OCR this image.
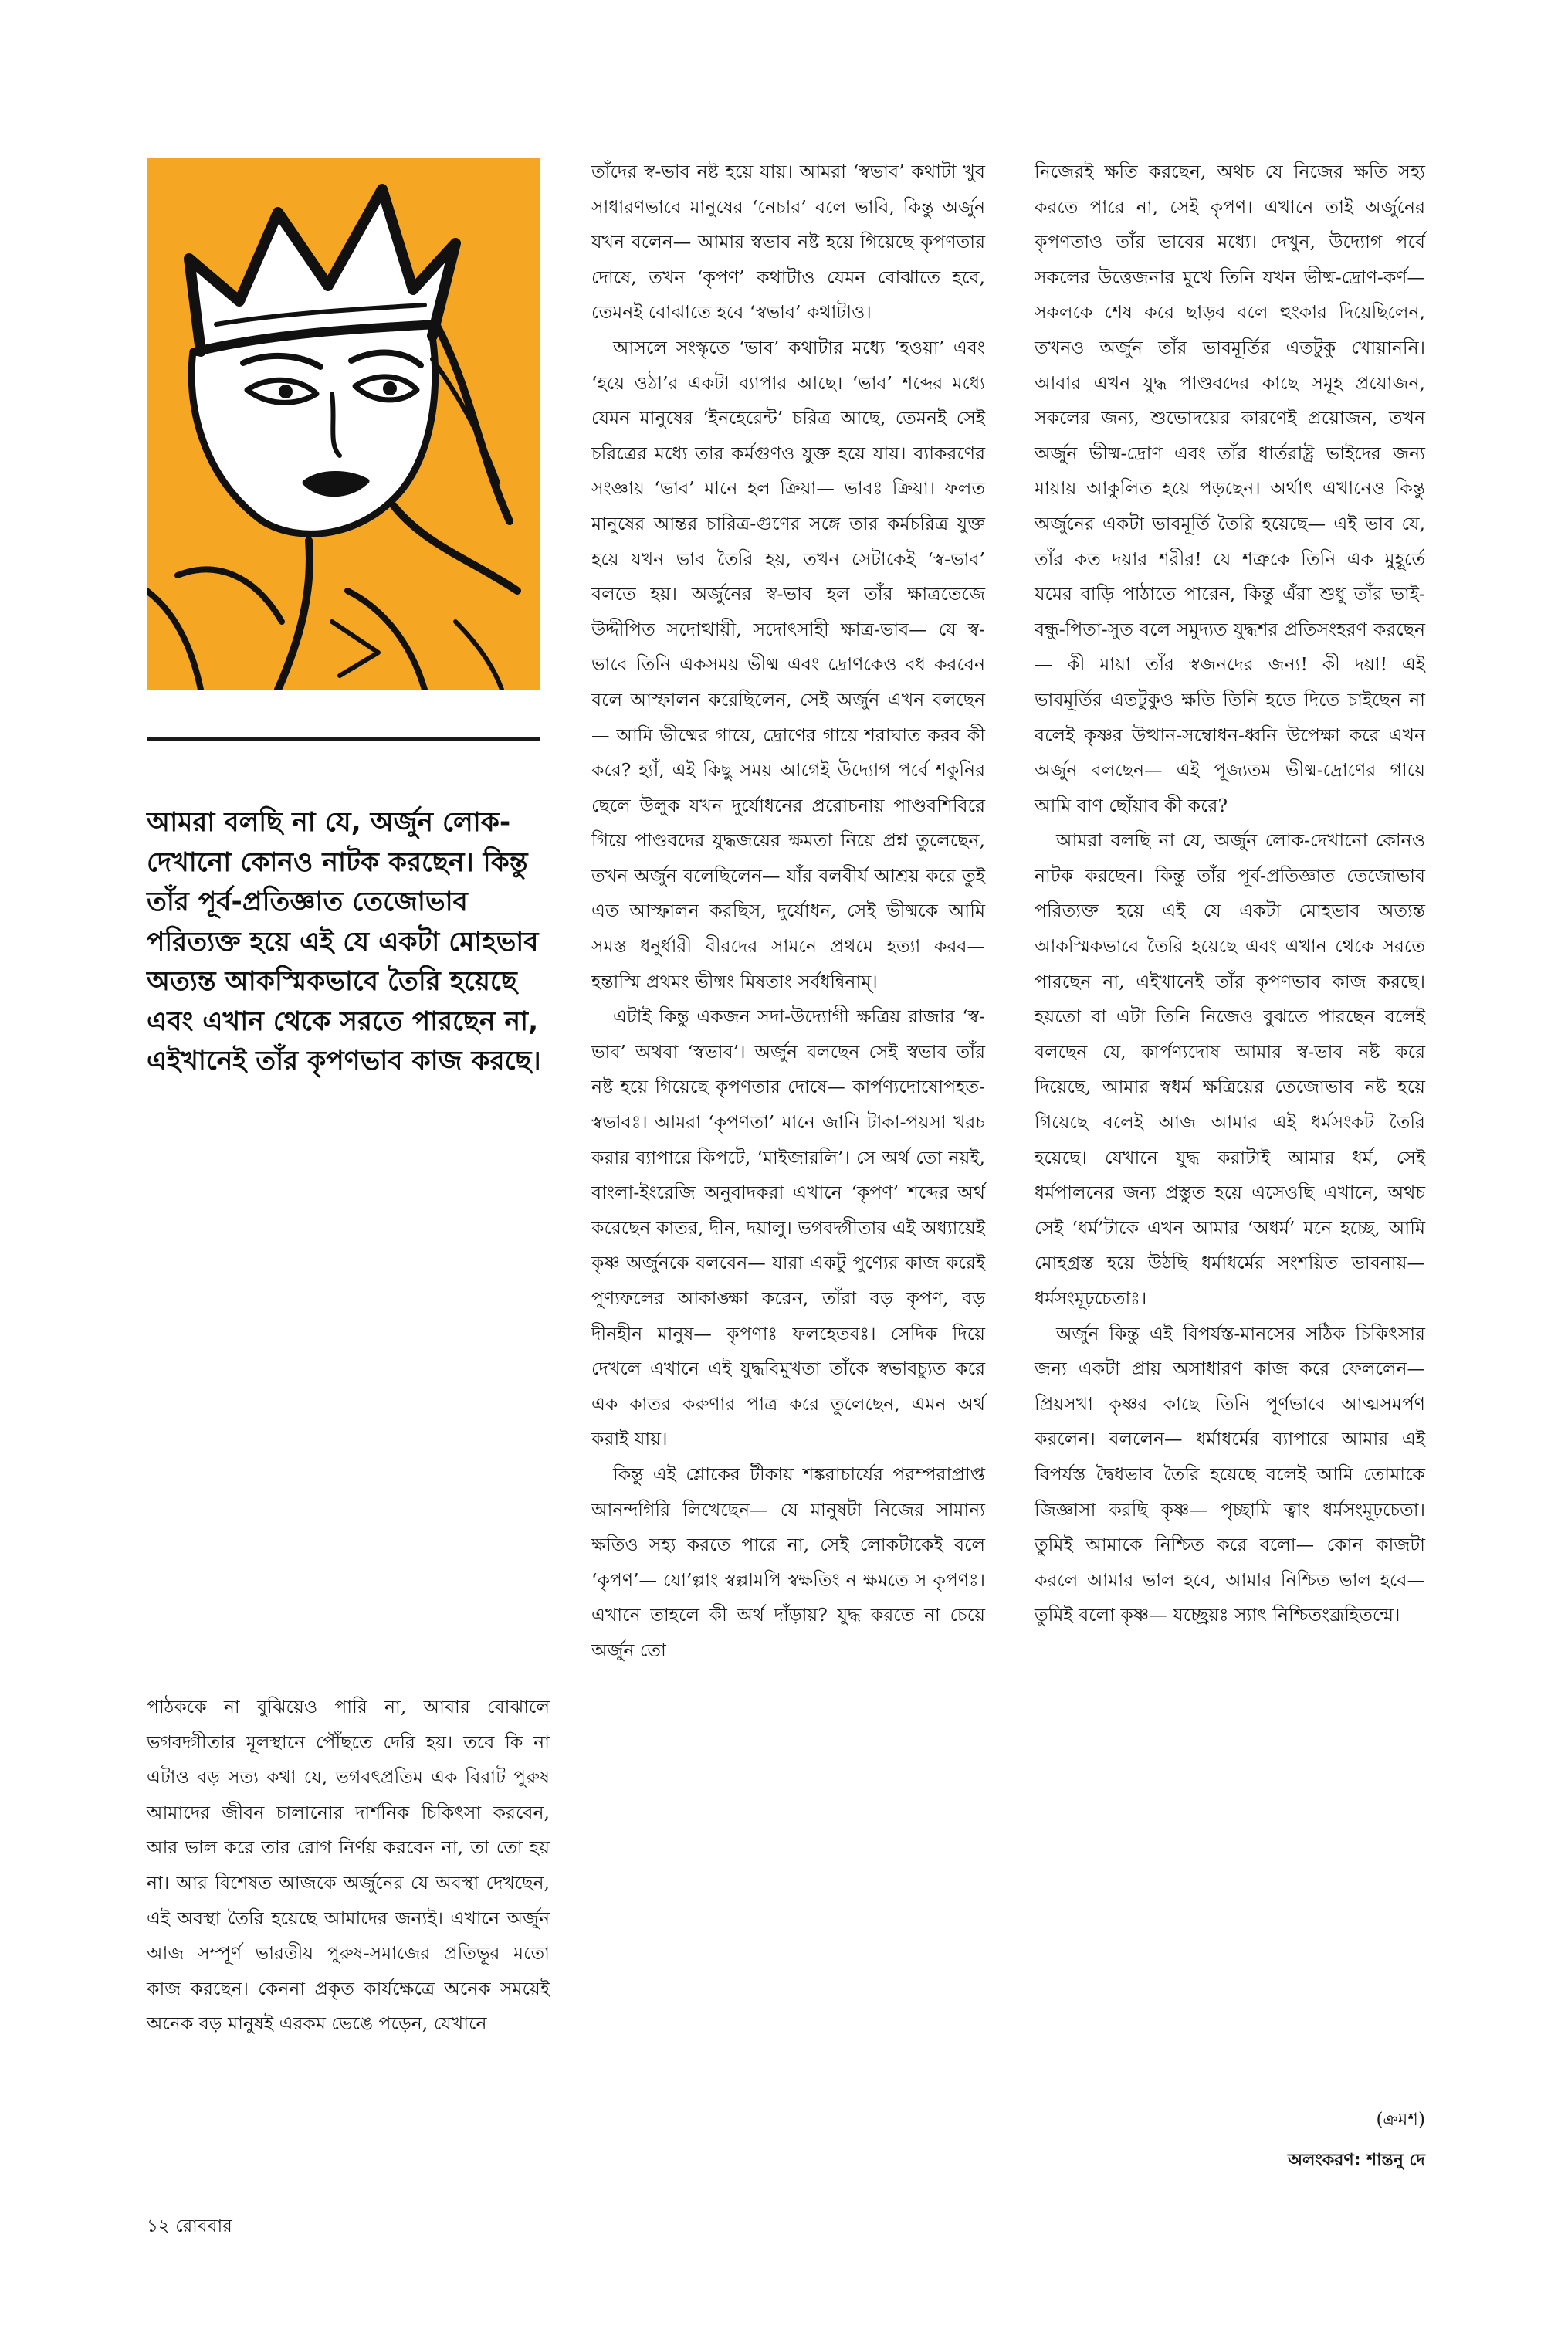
আমরা বলছি না যে, অর্জুন লোক-দেখানো কোনও নাটক করছেন। কিন্তু তাঁর পূর্ব-প্রতিজ্ঞাত তেজোভাব পরিত্যক্ত হয়ে এই যে একটা মোহভাব অত্যন্ত আকস্মিকভাবে তৈরি হয়েছে এবং এখান থেকে সরতে পারছেন না, এইখানেই তাঁর কৃপণভাব কাজ করছে।

পাঠককে না বুঝিয়েও পারি না, আবার বোঝালে ভগবদ্গীতার মূলস্থানে পৌঁছতে দেরি হয়। তবে কি না এটাও বড় সত্য কথা যে, ভগবৎপ্রতিম এক বিরাট পুরুষ আমাদের জীবন চালানোর দার্শনিক চিকিৎসা করবেন, আর ভাল করে তার রোগ নির্ণয় করবেন না, তা তো হয় না। আর বিশেষত আজকে অর্জুনের যে অবস্থা দেখছেন, এই অবস্থা তৈরি হয়েছে আমাদের জন্যই। এখানে অর্জুন আজ সম্পূর্ণ ভারতীয় পুরুষ-সমাজের প্রতিভূর মতো কাজ করছেন। কেননা প্রকৃত কার্যক্ষেত্রে অনেক সময়েই অনেক বড় মানুষই এরকম ভেঙে পড়েন, যেখানে

তাঁদের স্ব-ভাব নষ্ট হয়ে যায়। আমরা ‘স্বভাব’ কথাটা খুব সাধারণভাবে মানুষের ‘নেচার’ বলে ভাবি, কিন্তু অর্জুন যখন বলেন— আমার স্বভাব নষ্ট হয়ে গিয়েছে কৃপণতার দোষে, তখন ‘কৃপণ’ কথাটাও যেমন বোঝাতে হবে, তেমনই বোঝাতে হবে ‘স্বভাব’ কথাটাও।

আসলে সংস্কৃতে ‘ভাব’ কথাটার মধ্যে ‘হওয়া’ এবং ‘হয়ে ওঠা’র একটা ব্যাপার আছে। ‘ভাব’ শব্দের মধ্যে যেমন মানুষের ‘ইনহেরেন্ট’ চরিত্র আছে, তেমনই সেই চরিত্রের মধ্যে তার কর্মগুণও যুক্ত হয়ে যায়। ব্যাকরণের সংজ্ঞায় ‘ভাব’ মানে হল ক্রিয়া— ভাবঃ ক্রিয়া। ফলত মানুষের আন্তর চারিত্র-গুণের সঙ্গে তার কর্মচরিত্র যুক্ত হয়ে যখন ভাব তৈরি হয়, তখন সেটাকেই ‘স্ব-ভাব’ বলতে হয়। অর্জুনের স্ব-ভাব হল তাঁর ক্ষাত্রতেজে উদ্দীপিত সদোত্থায়ী, সদোৎসাহী ক্ষাত্র-ভাব— যে স্ব-ভাবে তিনি একসময় ভীষ্ম এবং দ্রোণকেও বধ করবেন বলে আস্ফালন করেছিলেন, সেই অর্জুন এখন বলছেন— আমি ভীষ্মের গায়ে, দ্রোণের গায়ে শরাঘাত করব কী করে? হ্যাঁ, এই কিছু সময় আগেই উদ্যোগ পর্বে শকুনির ছেলে উলুক যখন দুর্যোধনের প্ররোচনায় পাণ্ডবশিবিরে গিয়ে পাণ্ডবদের যুদ্ধজয়ের ক্ষমতা নিয়ে প্রশ্ন তুলেছেন, তখন অর্জুন বলেছিলেন— যাঁর বলবীর্য আশ্রয় করে তুই এত আস্ফালন করছিস, দুর্যোধন, সেই ভীষ্মকে আমি সমস্ত ধনুর্ধারী বীরদের সামনে প্রথমে হত্যা করব— হন্তাস্মি প্রথমং ভীষ্মং মিষতাং সর্বধন্বিনাম্।

এটাই কিন্তু একজন সদা-উদ্যোগী ক্ষত্রিয় রাজার ‘স্ব-ভাব’ অথবা ‘স্বভাব’। অর্জুন বলছেন সেই স্বভাব তাঁর নষ্ট হয়ে গিয়েছে কৃপণতার দোষে— কার্পণ্যদোষোপহত-স্বভাবঃ। আমরা ‘কৃপণতা’ মানে জানি টাকা-পয়সা খরচ করার ব্যাপারে কিপটে, ‘মাইজারলি’। সে অর্থ তো নয়ই, বাংলা-ইংরেজি অনুবাদকরা এখানে ‘কৃপণ’ শব্দের অর্থ করেছেন কাতর, দীন, দয়ালু। ভগবদ্গীতার এই অধ্যায়েই কৃষ্ণ অর্জুনকে বলবেন— যারা একটু পুণ্যের কাজ করেই পুণ্যফলের আকাঙ্ক্ষা করেন, তাঁরা বড় কৃপণ, বড় দীনহীন মানুষ— কৃপণাঃ ফলহেতবঃ। সেদিক দিয়ে দেখলে এখানে এই যুদ্ধবিমুখতা তাঁকে স্বভাবচ্যুত করে এক কাতর করুণার পাত্র করে তুলেছেন, এমন অর্থ করাই যায়।

কিন্তু এই শ্লোকের টীকায় শঙ্করাচার্যের পরম্পরাপ্রাপ্ত আনন্দগিরি লিখেছেন— যে মানুষটা নিজের সামান্য ক্ষতিও সহ্য করতে পারে না, সেই লোকটাকেই বলে ‘কৃপণ’— যো’ল্পাং স্বল্পামপি স্বক্ষতিং ন ক্ষমতে স কৃপণঃ। এখানে তাহলে কী অর্থ দাঁড়ায়? যুদ্ধ করতে না চেয়ে অর্জুন তো

নিজেরই ক্ষতি করছেন, অথচ যে নিজের ক্ষতি সহ্য করতে পারে না, সেই কৃপণ। এখানে তাই অর্জুনের কৃপণতাও তাঁর ভাবের মধ্যে। দেখুন, উদ্যোগ পর্বে সকলের উত্তেজনার মুখে তিনি যখন ভীষ্ম-দ্রোণ-কর্ণ— সকলকে শেষ করে ছাড়ব বলে হুংকার দিয়েছিলেন, তখনও অর্জুন তাঁর ভাবমূর্তির এতটুকু খোয়াননি। আবার এখন যুদ্ধ পাণ্ডবদের কাছে সমূহ প্রয়োজন, সকলের জন্য, শুভোদয়ের কারণেই প্রয়োজন, তখন অর্জুন ভীষ্ম-দ্রোণ এবং তাঁর ধার্তরাষ্ট্র ভাইদের জন্য মায়ায় আকুলিত হয়ে পড়ছেন। অর্থাৎ এখানেও কিন্তু অর্জুনের একটা ভাবমূর্তি তৈরি হয়েছে— এই ভাব যে, তাঁর কত দয়ার শরীর! যে শত্রুকে তিনি এক মুহূর্তে যমের বাড়ি পাঠাতে পারেন, কিন্তু এঁরা শুধু তাঁর ভাই-বন্ধু-পিতা-সুত বলে সমুদ্যত যুদ্ধশর প্রতিসংহরণ করছেন— কী মায়া তাঁর স্বজনদের জন্য! কী দয়া! এই ভাবমূর্তির এতটুকুও ক্ষতি তিনি হতে দিতে চাইছেন না বলেই কৃষ্ণর উত্থান-সম্বোধন-ধ্বনি উপেক্ষা করে এখন অর্জুন বলছেন— এই পূজ্যতম ভীষ্ম-দ্রোণের গায়ে আমি বাণ ছোঁয়াব কী করে?

আমরা বলছি না যে, অর্জুন লোক-দেখানো কোনও নাটক করছেন। কিন্তু তাঁর পূর্ব-প্রতিজ্ঞাত তেজোভাব পরিত্যক্ত হয়ে এই যে একটা মোহভাব অত্যন্ত আকস্মিকভাবে তৈরি হয়েছে এবং এখান থেকে সরতে পারছেন না, এইখানেই তাঁর কৃপণভাব কাজ করছে। হয়তো বা এটা তিনি নিজেও বুঝতে পারছেন বলেই বলছেন যে, কার্পণ্যদোষ আমার স্ব-ভাব নষ্ট করে দিয়েছে, আমার স্বধর্ম ক্ষত্রিয়ের তেজোভাব নষ্ট হয়ে গিয়েছে বলেই আজ আমার এই ধর্মসংকট তৈরি হয়েছে। যেখানে যুদ্ধ করাটাই আমার ধর্ম, সেই ধর্মপালনের জন্য প্রস্তুত হয়ে এসেওছি এখানে, অথচ সেই ‘ধর্ম’টাকে এখন আমার ‘অধর্ম’ মনে হচ্ছে, আমি মোহগ্রস্ত হয়ে উঠছি ধর্মাধর্মের সংশয়িত ভাবনায়— ধর্মসংমূঢ়চেতাঃ।

অর্জুন কিন্তু এই বিপর্যস্ত-মানসের সঠিক চিকিৎসার জন্য একটা প্রায় অসাধারণ কাজ করে ফেললেন— প্রিয়সখা কৃষ্ণর কাছে তিনি পূর্ণভাবে আত্মসমর্পণ করলেন। বললেন— ধর্মাধর্মের ব্যাপারে আমার এই বিপর্যস্ত দ্বৈধভাব তৈরি হয়েছে বলেই আমি তোমাকে জিজ্ঞাসা করছি কৃষ্ণ— পৃচ্ছামি ত্বাং ধর্মসংমূঢ়চেতা। তুমিই আমাকে নিশ্চিত করে বলো— কোন কাজটা করলে আমার ভাল হবে, আমার নিশ্চিত ভাল হবে— তুমিই বলো কৃষ্ণ— যচ্ছ্রেয়ঃ স্যাৎ নিশ্চিতংব্রূহিতন্মে।

(ক্রমশ)
অলংকরণ: শান্তনু দে
১২ রোববার
